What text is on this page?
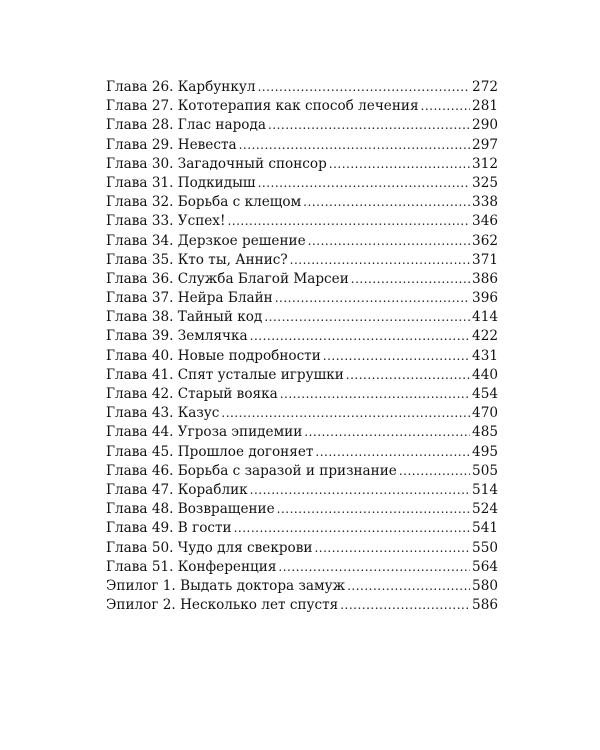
Глава 26. Карбункул .....	272
Глава 27. Кототерапия как способ лечения .....	281
Глава 28. Глас народа .....	290
Глава 29. Невеста .....	297
Глава 30. Загадочный спонсор .....	312
Глава 31. Подкидыш .....	325
Глава 32. Борьба с клещом .....	338
Глава 33. Успех! .....	346
Глава 34. Дерзкое решение .....	362
Глава 35. Кто ты, Аннис? .....	371
Глава 36. Служба Благой Марсеи .....	386
Глава 37. Нейра Блайн .....	396
Глава 38. Тайный код .....	414
Глава 39. Землячка .....	422
Глава 40. Новые подробности .....	431
Глава 41. Спят усталые игрушки .....	440
Глава 42. Старый вояка .....	454
Глава 43. Казус .....	470
Глава 44. Угроза эпидемии .....	485
Глава 45. Прошлое догоняет .....	495
Глава 46. Борьба с заразой и признание .....	505
Глава 47. Кораблик .....	514
Глава 48. Возвращение .....	524
Глава 49. В гости .....	541
Глава 50. Чудо для свекрови .....	550
Глава 51. Конференция .....	564
Эпилог 1. Выдать доктора замуж .....	580
Эпилог 2. Несколько лет спустя .....	586
